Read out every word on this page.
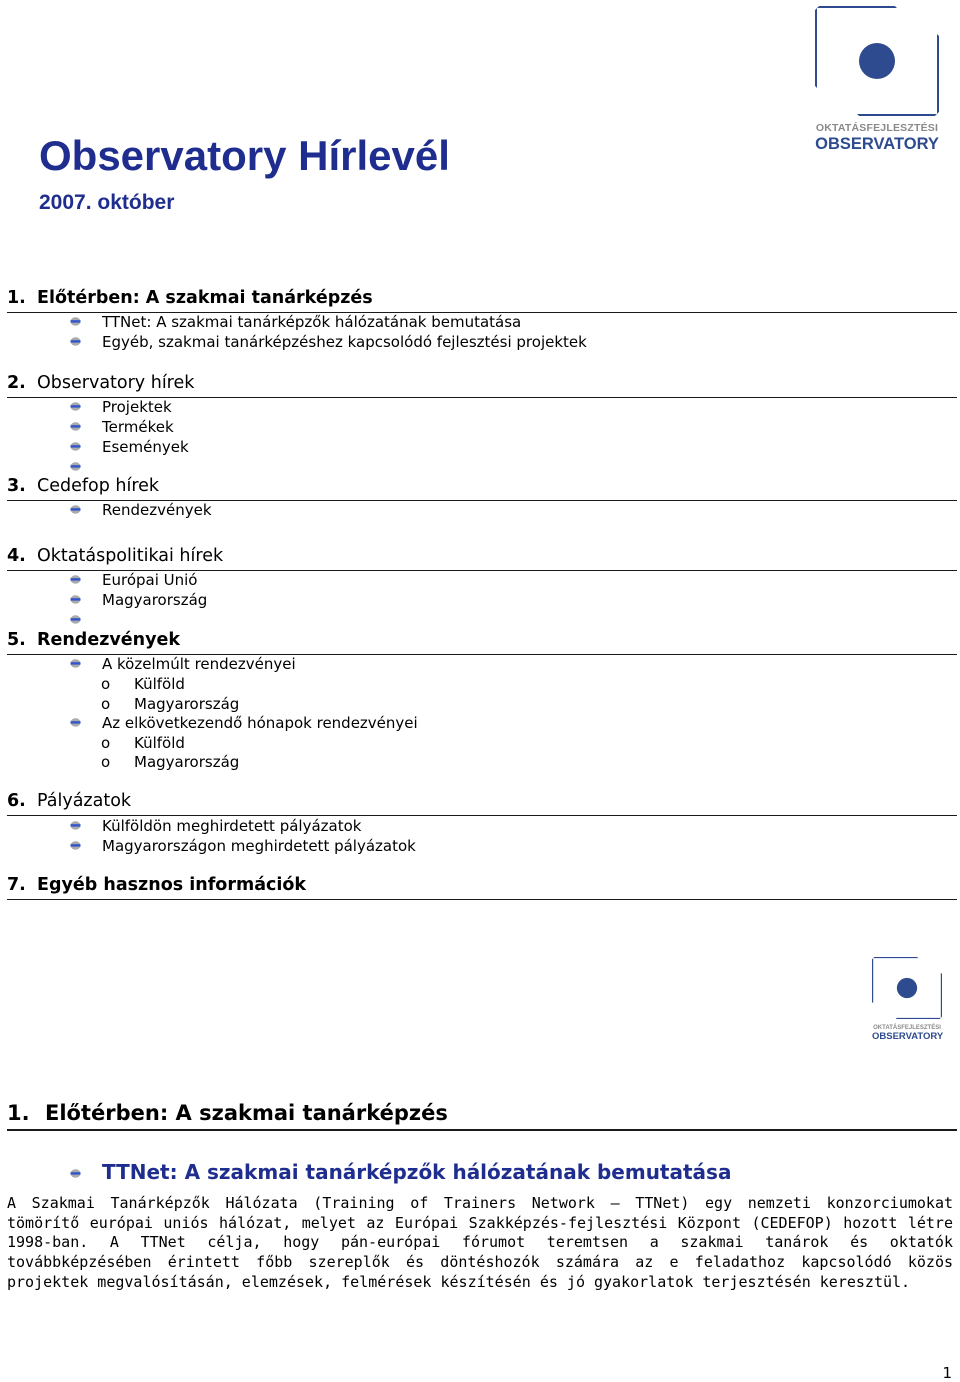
OKTATÁSFEJLESZTÉSI
OBSERVATORY
Observatory Hírlevél
2007. október
1. Előtérben: A szakmai tanárképzés
TTNet: A szakmai tanárképzők hálózatának bemutatása
Egyéb, szakmai tanárképzéshez kapcsolódó fejlesztési projektek
2. Observatory hírek
Projektek
Termékek
Események
3. Cedefop hírek
Rendezvények
4. Oktatáspolitikai hírek
Európai Unió
Magyarország
5. Rendezvények
A közelmúlt rendezvényei
o Külföld
o Magyarország
Az elkövetkezendő hónapok rendezvényei
o Külföld
o Magyarország
6. Pályázatok
Külföldön meghirdetett pályázatok
Magyarországon meghirdetett pályázatok
7. Egyéb hasznos információk
OKTATÁSFEJLESZTÉSI
OBSERVATORY
1. Előtérben: A szakmai tanárképzés
TTNet: A szakmai tanárképzők hálózatának bemutatása
A Szakmai Tanárképzők Hálózata (Training of Trainers Network – TTNet) egy nemzeti konzorciumokat tömörítő európai uniós hálózat, melyet az Európai Szakképzés-fejlesztési Központ (CEDEFOP) hozott létre 1998-ban. A TTNet célja, hogy pán-európai fórumot teremtsen a szakmai tanárok és oktatók továbbképzésében érintett főbb szereplők és döntéshozók számára az e feladathoz kapcsolódó közös projektek megvalósításán, elemzések, felmérések készítésén és jó gyakorlatok terjesztésén keresztül.
1
